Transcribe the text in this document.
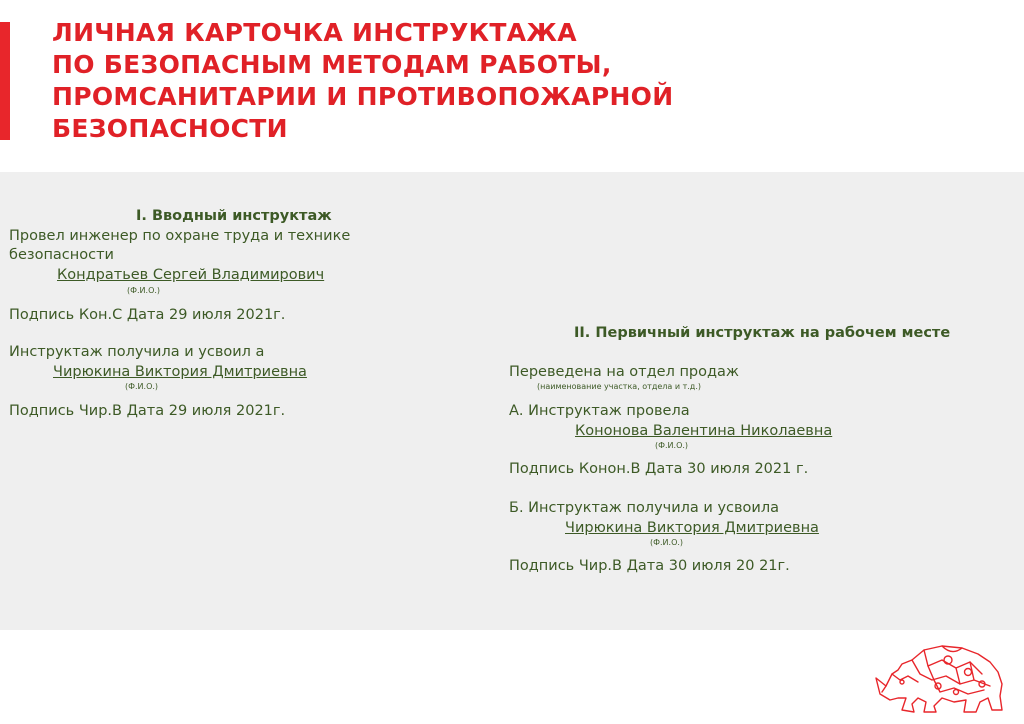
ЛИЧНАЯ КАРТОЧКА ИНСТРУКТАЖА
ПО БЕЗОПАСНЫМ МЕТОДАМ РАБОТЫ,
ПРОМСАНИТАРИИ И ПРОТИВОПОЖАРНОЙ
БЕЗОПАСНОСТИ
I. Вводный инструктаж
Провел инженер по охране труда и технике
безопасности
Кондратьев Сергей Владимирович
(Ф.И.О.)
Подпись Кон.С Дата 29 июля 2021г.
Инструктаж получила и усвоил а
Чирюкина Виктория Дмитриевна
(Ф.И.О.)
Подпись Чир.В Дата 29 июля 2021г.
II. Первичный инструктаж на рабочем месте
Переведена на отдел продаж
(наименование участка, отдела и т.д.)
А. Инструктаж провела
Кононова Валентина Николаевна
(Ф.И.О.)
Подпись Конон.В Дата 30 июля 2021 г.
Б. Инструктаж получила и усвоила
Чирюкина Виктория Дмитриевна
(Ф.И.О.)
Подпись Чир.В Дата 30 июля 20 21г.
